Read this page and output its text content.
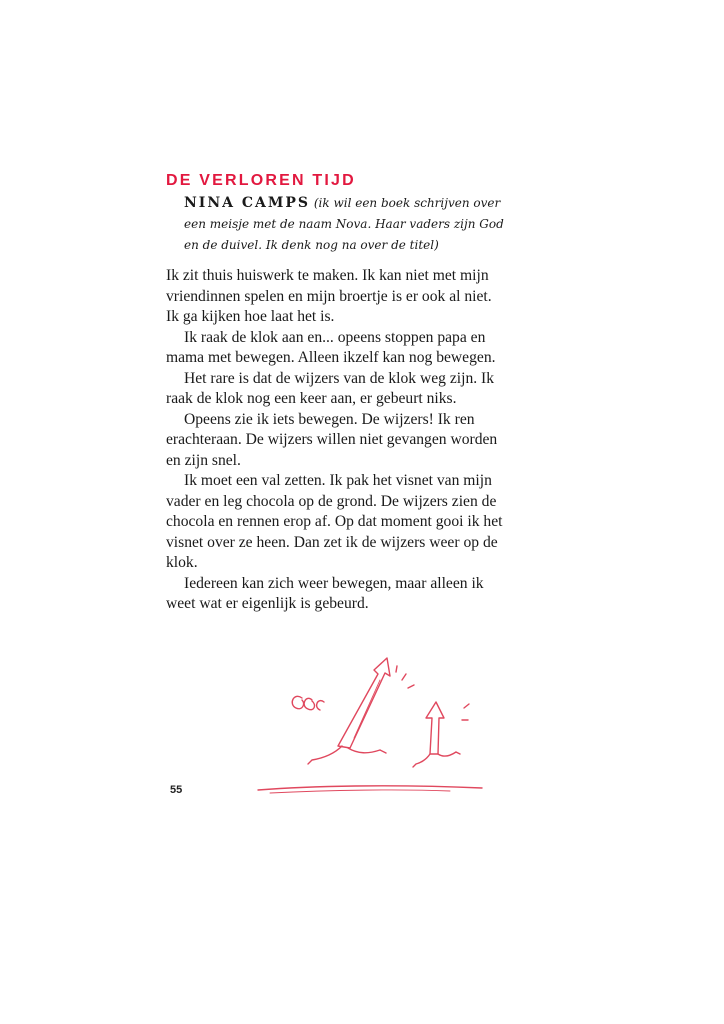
DE VERLOREN TIJD
NINA CAMPS (ik wil een boek schrijven over een meisje met de naam Nova. Haar vaders zijn God en de duivel. Ik denk nog na over de titel)

Ik zit thuis huiswerk te maken. Ik kan niet met mijn vriendinnen spelen en mijn broertje is er ook al niet. Ik ga kijken hoe laat het is.

Ik raak de klok aan en... opeens stoppen papa en mama met bewegen. Alleen ikzelf kan nog bewegen.

Het rare is dat de wijzers van de klok weg zijn. Ik raak de klok nog een keer aan, er gebeurt niks.

Opeens zie ik iets bewegen. De wijzers! Ik ren erachteraan. De wijzers willen niet gevangen worden en zijn snel.

Ik moet een val zetten. Ik pak het visnet van mijn vader en leg chocola op de grond. De wijzers zien de chocola en rennen erop af. Op dat moment gooi ik het visnet over ze heen. Dan zet ik de wijzers weer op de klok.

Iedereen kan zich weer bewegen, maar alleen ik weet wat er eigenlijk is gebeurd.

55
